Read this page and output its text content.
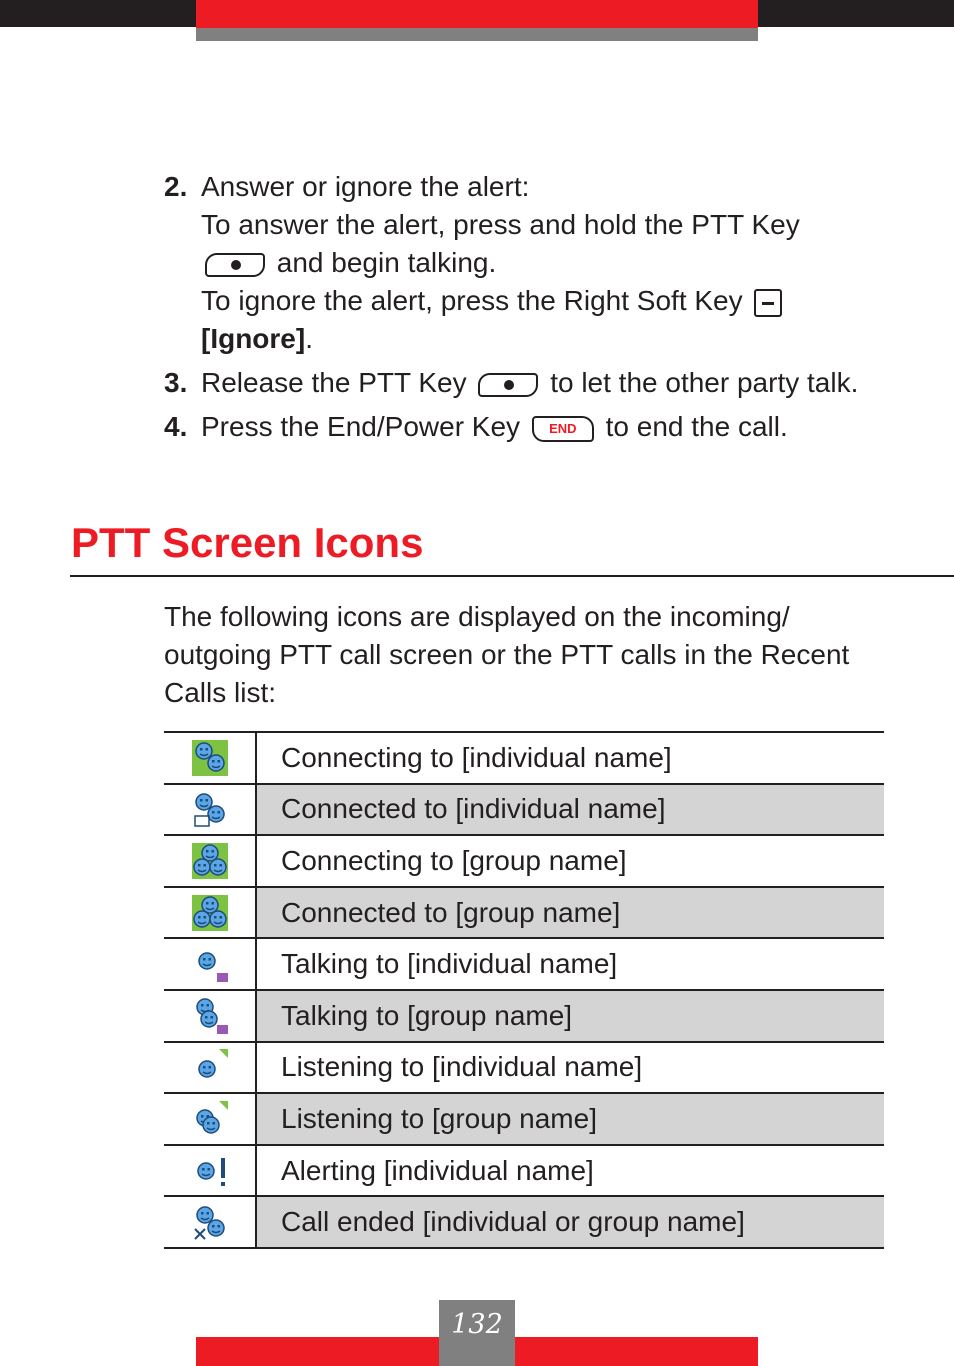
2. Answer or ignore the alert:
To answer the alert, press and hold the PTT Key
and begin talking.
To ignore the alert, press the Right Soft Key
[Ignore].
3. Release the PTT Key	to let the other party talk.
4. Press the End/Power Key END to end the call.
PTT Screen Icons

The following icons are displayed on the incoming/ outgoing PTT call screen or the PTT calls in the Recent Calls list:

	Connecting to [individual name]
	Connected to [individual name]
	Connecting to [group name]
	Connected to [group name]
	Talking to [individual name]
	Talking to [group name]
	Listening to [individual name]
	Listening to [group name]
	Alerting [individual name]
	Call ended [individual or group name]
132
